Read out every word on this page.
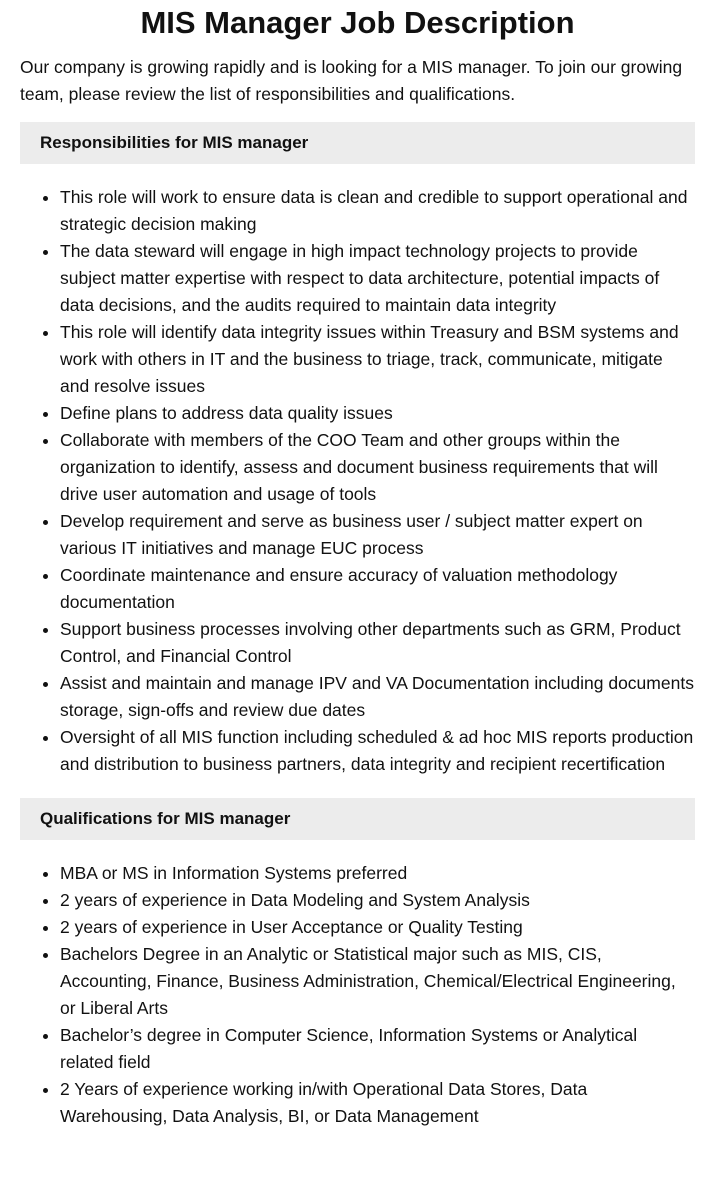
MIS Manager Job Description

Our company is growing rapidly and is looking for a MIS manager. To join our growing team, please review the list of responsibilities and qualifications.

Responsibilities for MIS manager
• This role will work to ensure data is clean and credible to support operational and strategic decision making
• The data steward will engage in high impact technology projects to provide subject matter expertise with respect to data architecture, potential impacts of data decisions, and the audits required to maintain data integrity
• This role will identify data integrity issues within Treasury and BSM systems and work with others in IT and the business to triage, track, communicate, mitigate and resolve issues
• Define plans to address data quality issues
• Collaborate with members of the COO Team and other groups within the organization to identify, assess and document business requirements that will drive user automation and usage of tools
• Develop requirement and serve as business user / subject matter expert on various IT initiatives and manage EUC process
• Coordinate maintenance and ensure accuracy of valuation methodology documentation
• Support business processes involving other departments such as GRM, Product Control, and Financial Control
• Assist and maintain and manage IPV and VA Documentation including documents storage, sign-offs and review due dates
• Oversight of all MIS function including scheduled & ad hoc MIS reports production and distribution to business partners, data integrity and recipient recertification
Qualifications for MIS manager
• MBA or MS in Information Systems preferred
• 2 years of experience in Data Modeling and System Analysis
• 2 years of experience in User Acceptance or Quality Testing
• Bachelors Degree in an Analytic or Statistical major such as MIS, CIS, Accounting, Finance, Business Administration, Chemical/Electrical Engineering, or Liberal Arts
• Bachelor’s degree in Computer Science, Information Systems or Analytical related field
• 2 Years of experience working in/with Operational Data Stores, Data Warehousing, Data Analysis, BI, or Data Management
